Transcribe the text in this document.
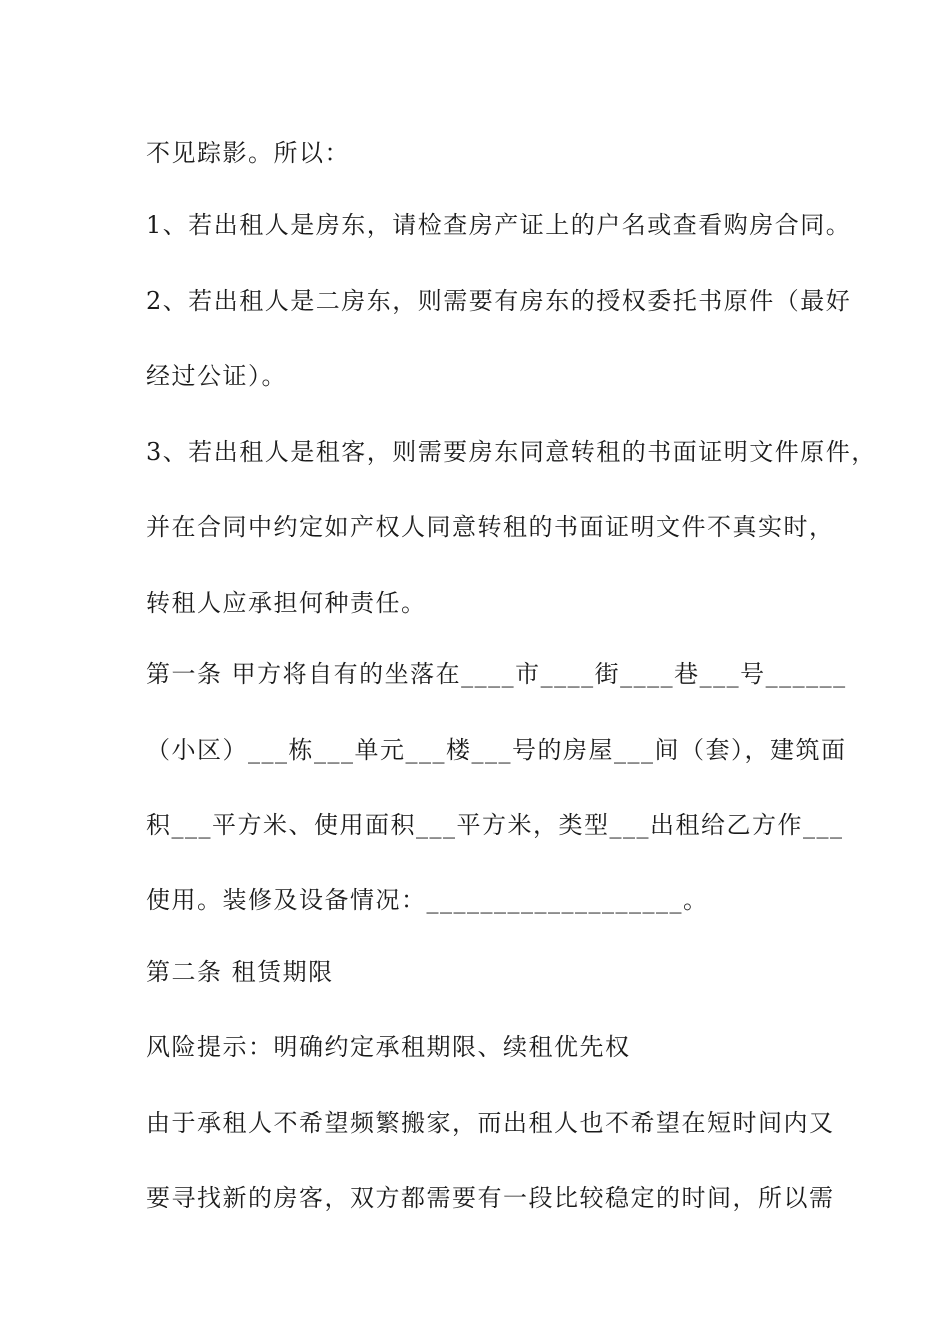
不见踪影。所以：
1、若出租人是房东，请检查房产证上的户名或查看购房合同。
2、若出租人是二房东，则需要有房东的授权委托书原件（最好
经过公证）。
3、若出租人是租客，则需要房东同意转租的书面证明文件原件，
并在合同中约定如产权人同意转租的书面证明文件不真实时，
转租人应承担何种责任。
第一条 甲方将自有的坐落在____市____街____巷___号______
（小区）___栋___单元___楼___号的房屋___间（套），建筑面
积___平方米、使用面积___平方米，类型___出租给乙方作___
使用。装修及设备情况：___________________。
第二条 租赁期限
风险提示：明确约定承租期限、续租优先权
由于承租人不希望频繁搬家，而出租人也不希望在短时间内又
要寻找新的房客，双方都需要有一段比较稳定的时间，所以需
